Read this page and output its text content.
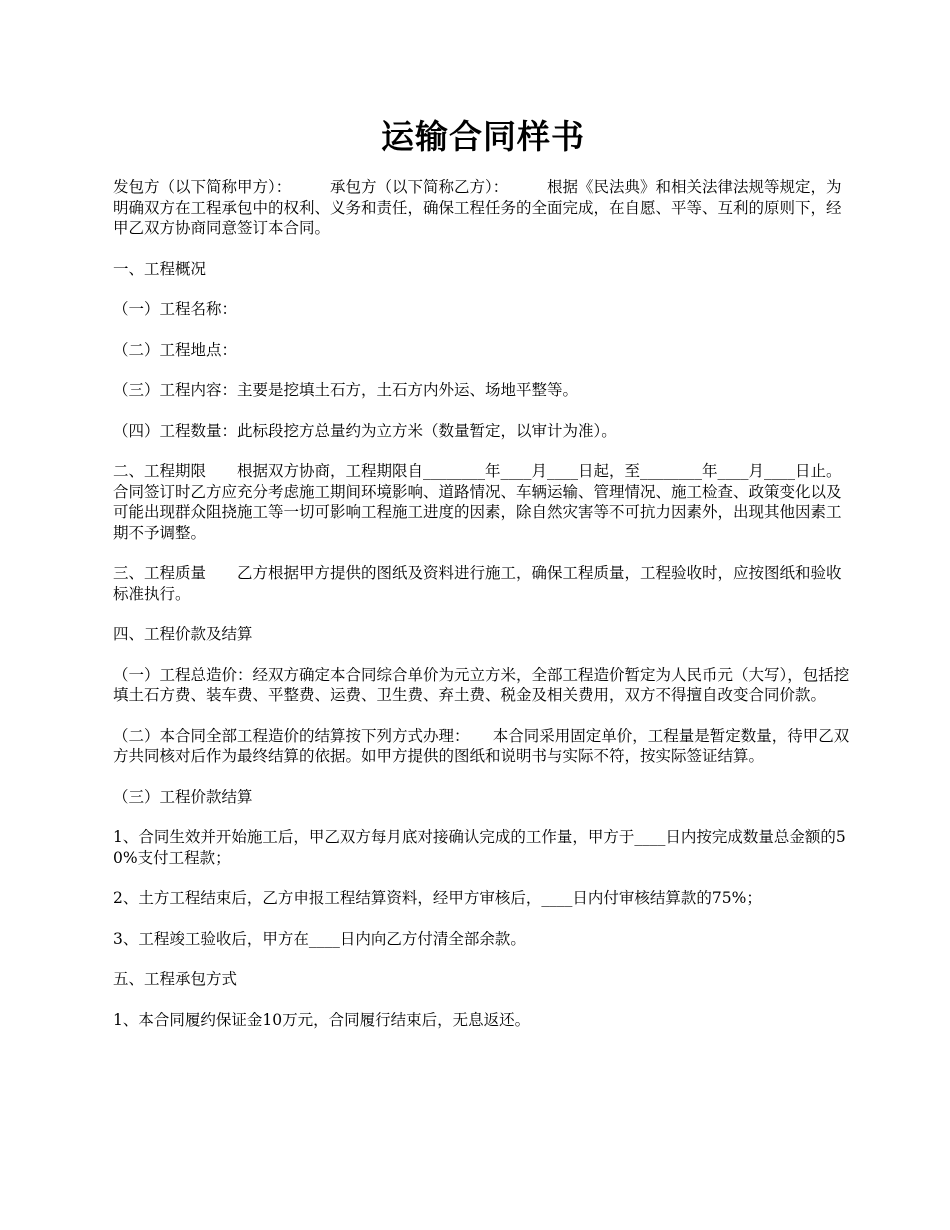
运输合同样书

发包方（以下简称甲方）：　　　承包方（以下简称乙方）：　　　根据《民法典》和相关法律法规等规定，为明确双方在工程承包中的权利、义务和责任，确保工程任务的全面完成，在自愿、平等、互利的原则下，经甲乙双方协商同意签订本合同。

一、工程概况

（一）工程名称：

（二）工程地点：

（三）工程内容：主要是挖填土石方，土石方内外运、场地平整等。

（四）工程数量：此标段挖方总量约为立方米（数量暂定，以审计为准）。

二、工程期限　　根据双方协商，工程期限自________年____月____日起，至________年____月____日止。　　合同签订时乙方应充分考虑施工期间环境影响、道路情况、车辆运输、管理情况、施工检查、政策变化以及可能出现群众阻挠施工等一切可影响工程施工进度的因素，除自然灾害等不可抗力因素外，出现其他因素工期不予调整。

三、工程质量　　乙方根据甲方提供的图纸及资料进行施工，确保工程质量，工程验收时，应按图纸和验收标准执行。

四、工程价款及结算

（一）工程总造价：经双方确定本合同综合单价为元立方米，全部工程造价暂定为人民币元（大写），包括挖填土石方费、装车费、平整费、运费、卫生费、弃土费、税金及相关费用，双方不得擅自改变合同价款。

（二）本合同全部工程造价的结算按下列方式办理：　　本合同采用固定单价，工程量是暂定数量，待甲乙双方共同核对后作为最终结算的依据。如甲方提供的图纸和说明书与实际不符，按实际签证结算。

（三）工程价款结算

1、合同生效并开始施工后，甲乙双方每月底对接确认完成的工作量，甲方于____日内按完成数量总金额的50%支付工程款；

2、土方工程结束后，乙方申报工程结算资料，经甲方审核后，____日内付审核结算款的75%；

3、工程竣工验收后，甲方在____日内向乙方付清全部余款。

五、工程承包方式

1、本合同履约保证金10万元，合同履行结束后，无息返还。
